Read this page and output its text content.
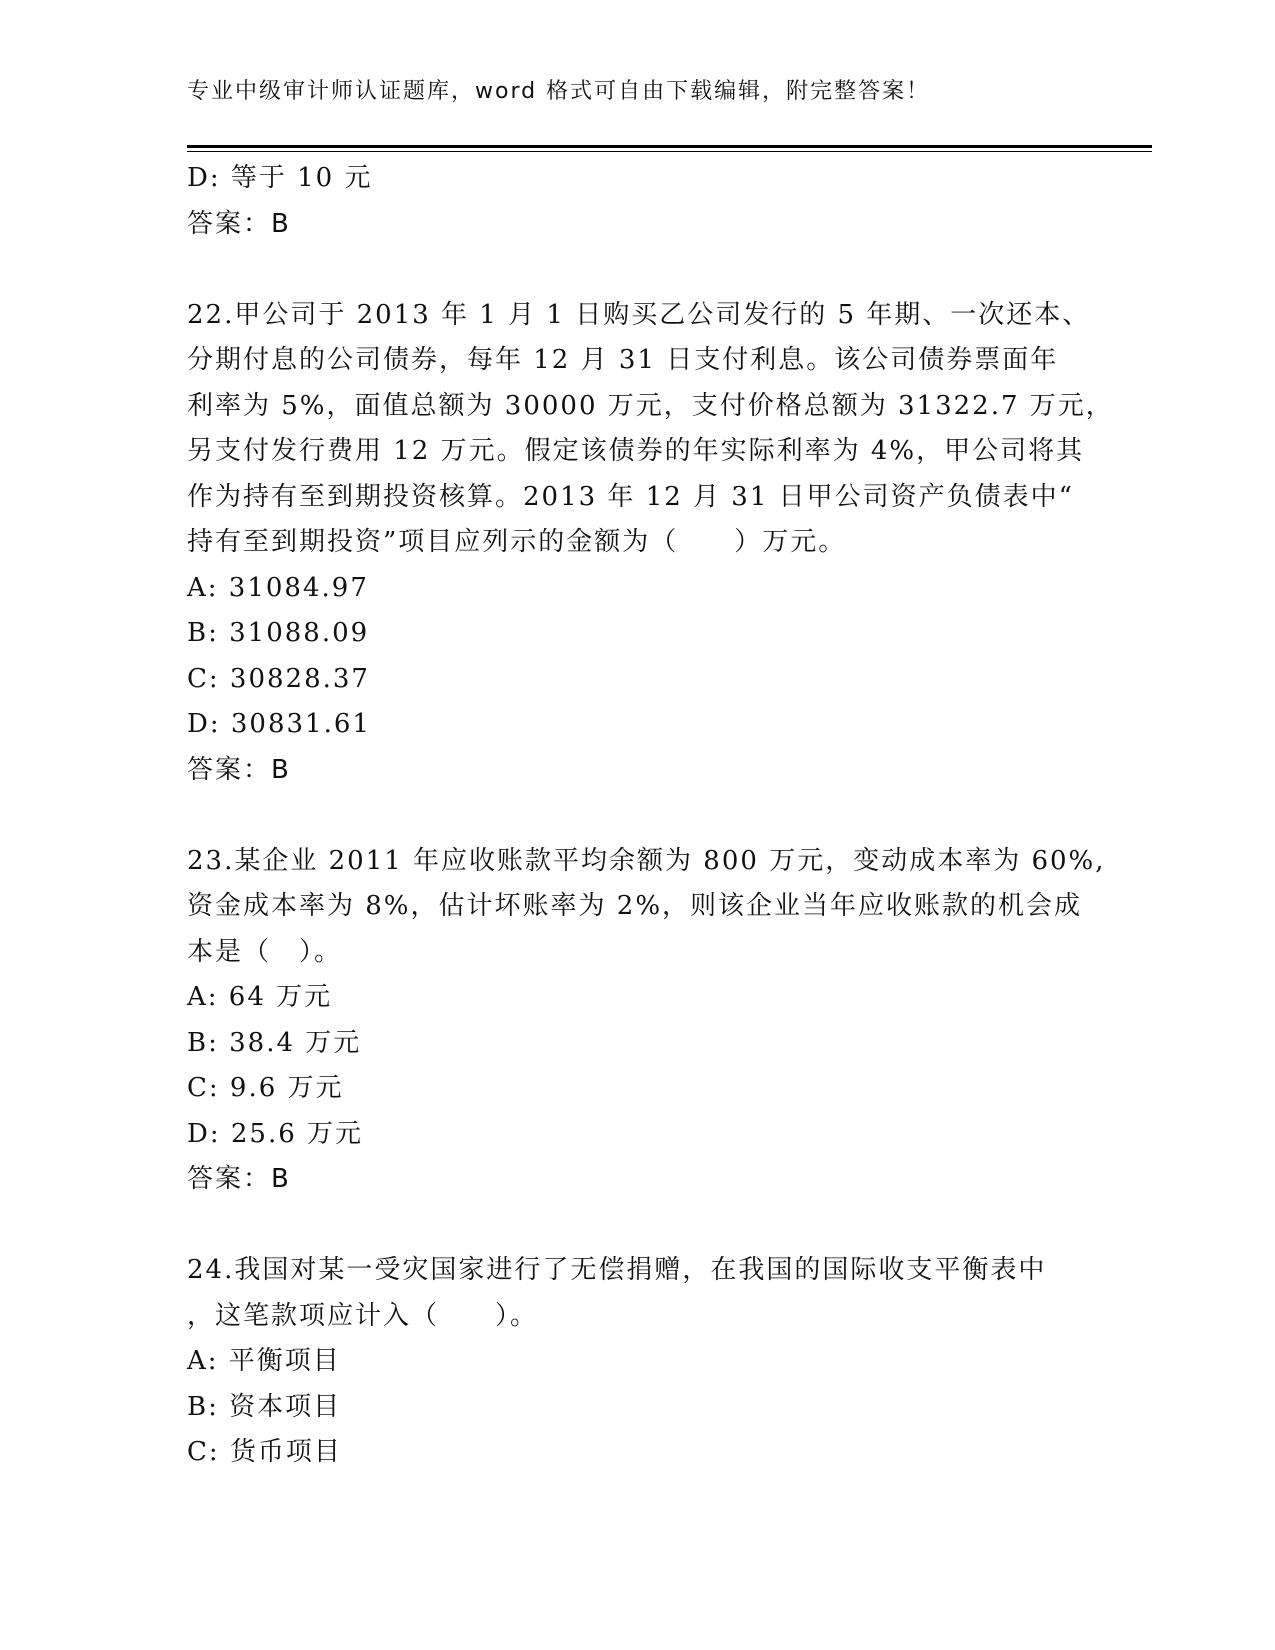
专业中级审计师认证题库，word 格式可自由下载编辑，附完整答案！
D: 等于 10 元
答案：B
22.甲公司于 2013 年 1 月 1 日购买乙公司发行的 5 年期、一次还本、
分期付息的公司债券，每年 12 月 31 日支付利息。该公司债券票面年
利率为 5%，面值总额为 30000 万元，支付价格总额为 31322.7 万元，
另支付发行费用 12 万元。假定该债券的年实际利率为 4%，甲公司将其
作为持有至到期投资核算。2013 年 12 月 31 日甲公司资产负债表中“
持有至到期投资”项目应列示的金额为（　　）万元。
A: 31084.97
B: 31088.09
C: 30828.37
D: 30831.61
答案：B
23.某企业 2011 年应收账款平均余额为 800 万元，变动成本率为 60%,
资金成本率为 8%，估计坏账率为 2%，则该企业当年应收账款的机会成
本是（　）。
A: 64 万元
B: 38.4 万元
C: 9.6 万元
D: 25.6 万元
答案：B
24.我国对某一受灾国家进行了无偿捐赠，在我国的国际收支平衡表中
，这笔款项应计入（　　）。
A: 平衡项目
B: 资本项目
C: 货币项目
